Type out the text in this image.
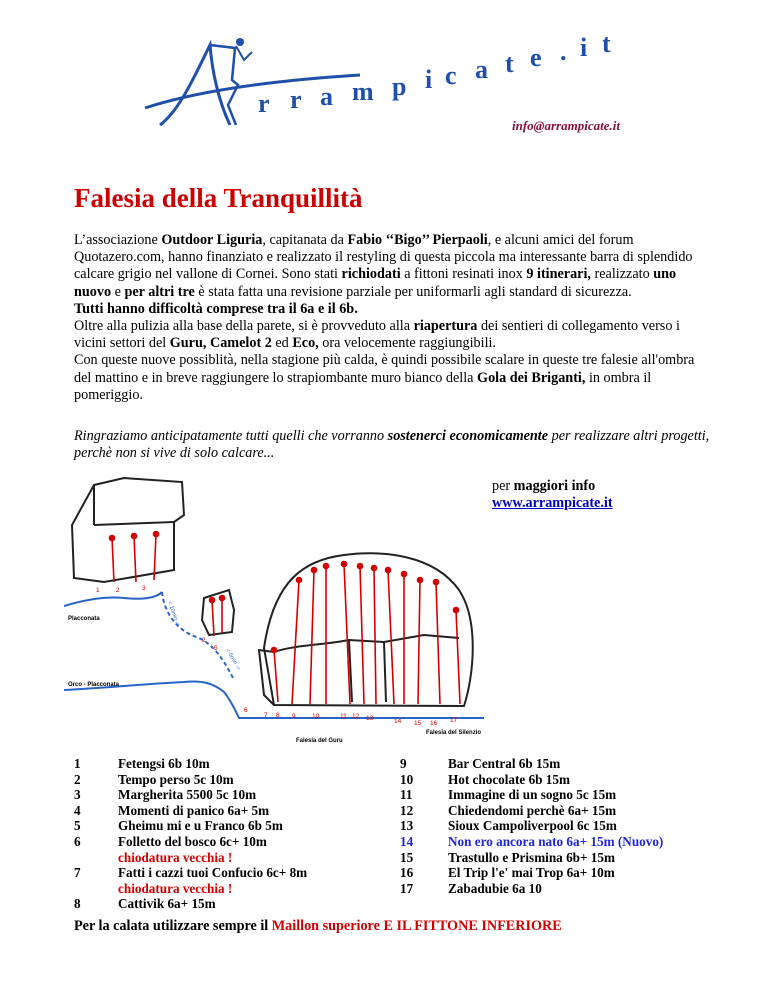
r r a m p i c a t e . i t
info@arrampicate.it
Falesia della Tranquillità
L’associazione Outdoor Liguria, capitanata da Fabio ‘‘Bigo’’ Pierpaoli, e alcuni amici del forum Quotazero.com, hanno finanziato e realizzato il restyling di questa piccola ma interessante barra di splendido calcare grigio nel vallone di Cornei. Sono stati richiodati a fittoni resinati inox 9 itinerari, realizzato uno nuovo e per altri tre è stata fatta una revisione parziale per uniformarli agli standard di sicurezza.
Tutti hanno difficoltà comprese tra il 6a e il 6b.
Oltre alla pulizia alla base della parete, si è provveduto alla riapertura dei sentieri di collegamento verso i vicini settori del Guru, Camelot 2 ed Eco, ora velocemente raggiungibili.
Con queste nuove possiblità, nella stagione più calda, è quindi possibile scalare in queste tre falesie all'ombra del mattino e in breve raggiungere lo strapiombante muro bianco della Gola dei Briganti, in ombra il pomeriggio.
Ringraziamo anticipatamente tutti quelli che vorranno sostenerci economicamente per realizzare altri progetti, perchè non si vive di solo calcare...
1	2	3
2
5
6
7 8 9	10	11 12 13	14 15 16 17
Placconata
Orco - Placconata
Falesia del Guru
Falesia del Silenzio
< 10min ->
<-5min ->
per maggiori info
www.arrampicate.it
1	Fetengsi 6b 10m
2	Tempo perso 5c 10m
3	Margherita 5500 5c 10m
4	Momenti di panico 6a+ 5m
5	Gheimu mi e u Franco 6b 5m
6	Folletto del bosco 6c+ 10m
chiodatura vecchia !
7	Fatti i cazzi tuoi Confucio 6c+ 8m
chiodatura vecchia !
8	Cattivik 6a+ 15m
9	Bar Central 6b 15m
10	Hot chocolate 6b 15m
11	Immagine di un sogno 5c 15m
12	Chiedendomi perchè 6a+ 15m
13	Sioux Campoliverpool 6c 15m
14	Non ero ancora nato 6a+ 15m (Nuovo)
15	Trastullo e Prismina 6b+ 15m
16	El Trip l'e' mai Trop 6a+ 10m
17	Zabadubie 6a 10
Per la calata utilizzare sempre il Maillon superiore E IL FITTONE INFERIORE
